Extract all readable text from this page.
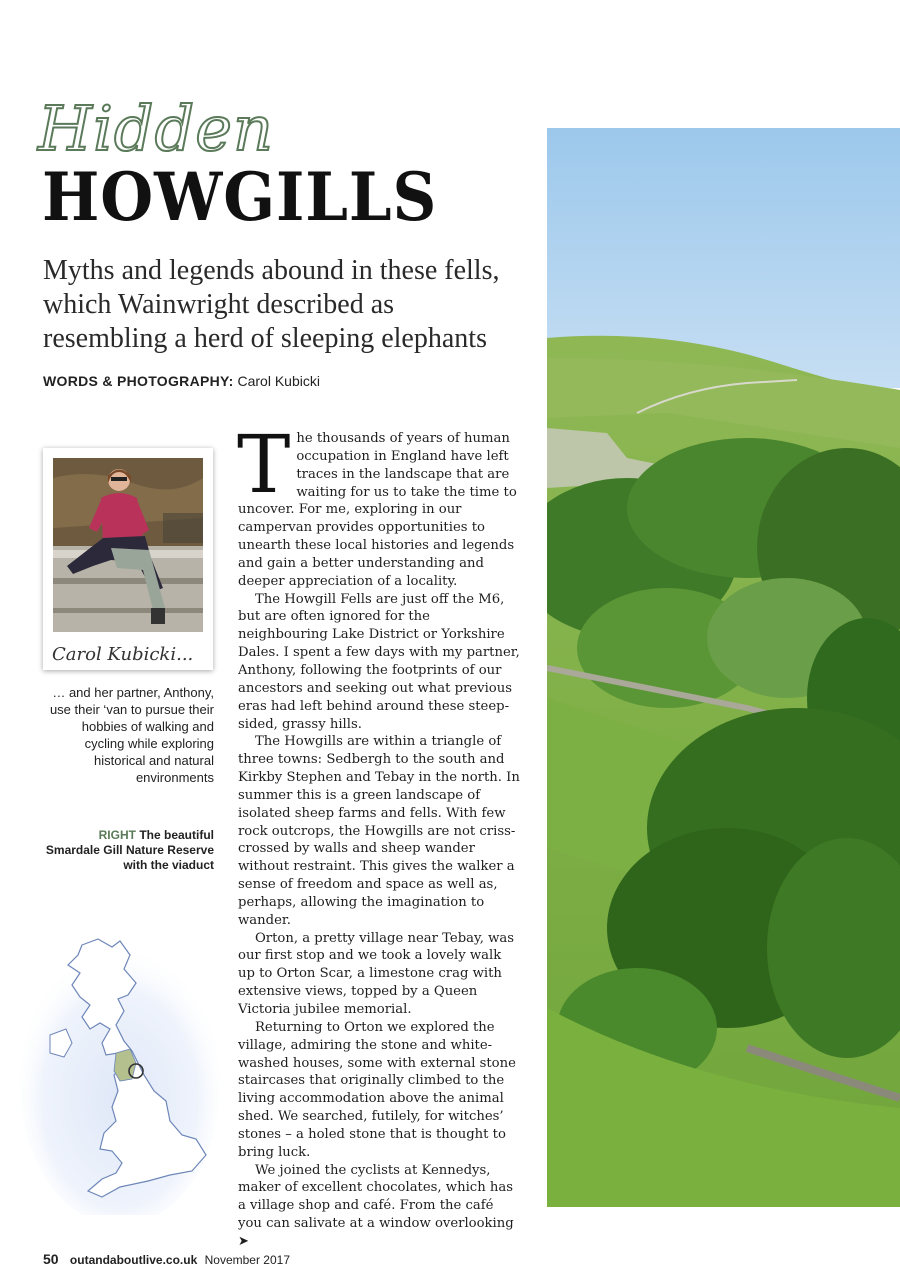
Hidden
HOWGILLS
Myths and legends abound in these fells, which Wainwright described as resembling a herd of sleeping elephants
WORDS & PHOTOGRAPHY: Carol Kubicki
Carol Kubicki...
… and her partner, Anthony, use their ‘van to pursue their hobbies of walking and cycling while exploring historical and natural environments
RIGHT The beautiful Smardale Gill Nature Reserve with the viaduct

The thousands of years of human occupation in England have left traces in the landscape that are waiting for us to take the time to uncover. For me, exploring in our campervan provides opportunities to unearth these local histories and legends and gain a better understanding and deeper appreciation of a locality.

The Howgill Fells are just off the M6, but are often ignored for the neighbouring Lake District or Yorkshire Dales. I spent a few days with my partner, Anthony, following the footprints of our ancestors and seeking out what previous eras had left behind around these steep-sided, grassy hills.

The Howgills are within a triangle of three towns: Sedbergh to the south and Kirkby Stephen and Tebay in the north. In summer this is a green landscape of isolated sheep farms and fells. With few rock outcrops, the Howgills are not criss-crossed by walls and sheep wander without restraint. This gives the walker a sense of freedom and space as well as, perhaps, allowing the imagination to wander.

Orton, a pretty village near Tebay, was our first stop and we took a lovely walk up to Orton Scar, a limestone crag with extensive views, topped by a Queen Victoria jubilee memorial.

Returning to Orton we explored the village, admiring the stone and white-washed houses, some with external stone staircases that originally climbed to the living accommodation above the animal shed. We searched, futilely, for witches’ stones – a holed stone that is thought to bring luck.

We joined the cyclists at Kennedys, maker of excellent chocolates, which has a village shop and café. From the café you can salivate at a window overlooking ➤

50 outandaboutlive.co.uk November 2017
